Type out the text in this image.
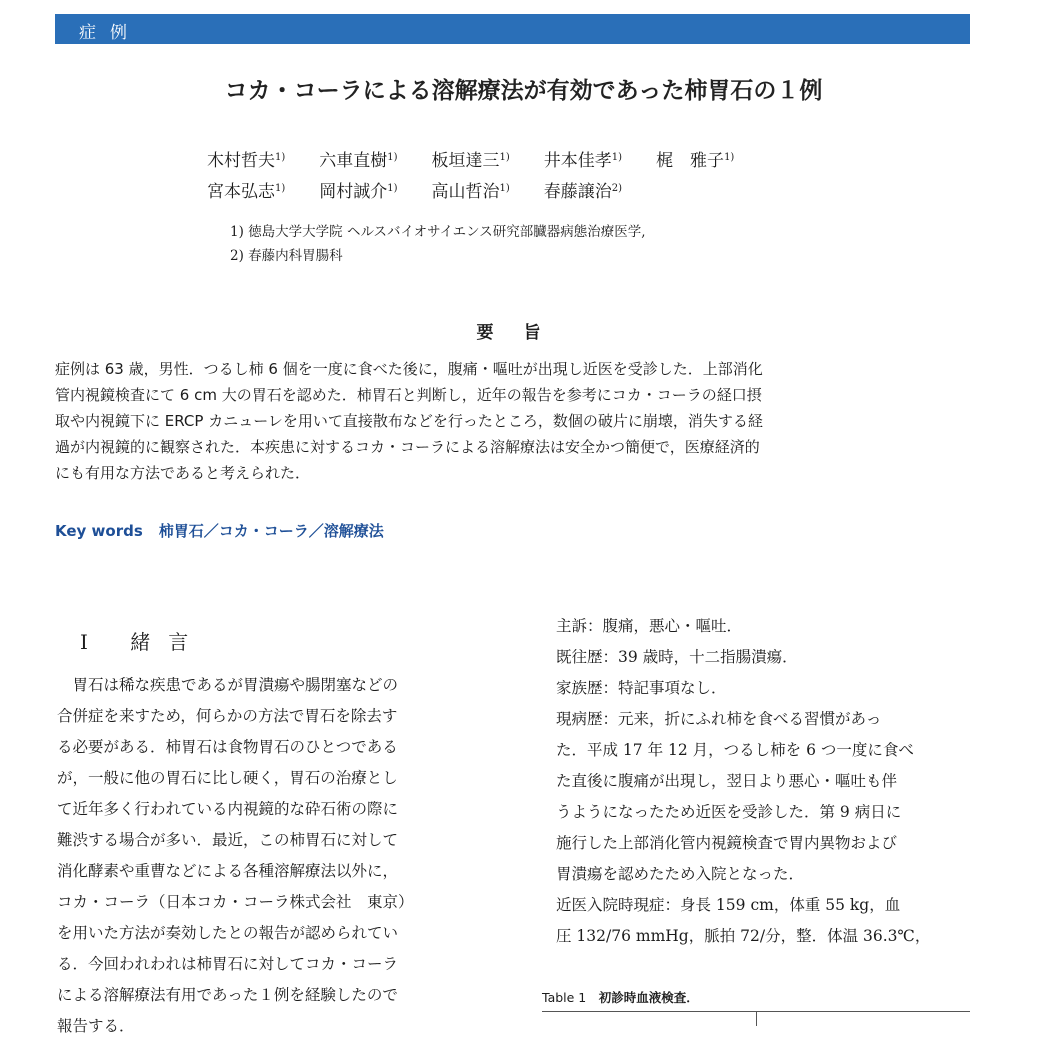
症例
コカ・コーラによる溶解療法が有効であった柿胃石の１例
木村哲夫$^{1)}$ 六車直樹$^{1)}$ 板垣達三$^{1)}$ 井本佳孝$^{1)}$ 梶　雅子$^{1)}$
宮本弘志$^{1)}$ 岡村誠介$^{1)}$ 高山哲治$^{1)}$ 春藤譲治$^{2)}$
1) 徳島大学大学院 ヘルスバイオサイエンス研究部臓器病態治療医学,
2) 春藤内科胃腸科
要旨
症例は 63 歳，男性．つるし柿 6 個を一度に食べた後に，腹痛・嘔吐が出現し近医を受診した．上部消化
管内視鏡検査にて 6 cm 大の胃石を認めた．柿胃石と判断し，近年の報告を参考にコカ・コーラの経口摂
取や内視鏡下に ERCP カニューレを用いて直接散布などを行ったところ，数個の破片に崩壊，消失する経
過が内視鏡的に観察された．本疾患に対するコカ・コーラによる溶解療法は安全かつ簡便で，医療経済的
にも有用な方法であると考えられた．
Key words 柿胃石／コカ・コーラ／溶解療法
Ⅰ 緒言
　胃石は稀な疾患であるが胃潰瘍や腸閉塞などの
合併症を来すため，何らかの方法で胃石を除去す
る必要がある．柿胃石は食物胃石のひとつである
が，一般に他の胃石に比し硬く，胃石の治療とし
て近年多く行われている内視鏡的な砕石術の際に
難渋する場合が多い．最近，この柿胃石に対して
消化酵素や重曹などによる各種溶解療法以外に，
コカ・コーラ（日本コカ・コーラ株式会社　東京）
を用いた方法が奏効したとの報告が認められてい
る．今回われわれは柿胃石に対してコカ・コーラ
による溶解療法有用であった１例を経験したので
報告する．
主訴：腹痛，悪心・嘔吐．
既往歴：39 歳時，十二指腸潰瘍．
家族歴：特記事項なし．
現病歴：元来，折にふれ柿を食べる習慣があっ
た．平成 17 年 12 月，つるし柿を 6 つ一度に食べ
た直後に腹痛が出現し，翌日より悪心・嘔吐も伴
うようになったため近医を受診した．第 9 病日に
施行した上部消化管内視鏡検査で胃内異物および
胃潰瘍を認めたため入院となった．
近医入院時現症：身長 159 cm，体重 55 kg，血
圧 132/76 mmHg，脈拍 72/分，整．体温 36.3℃，
Table 1　 初診時血液検査．
